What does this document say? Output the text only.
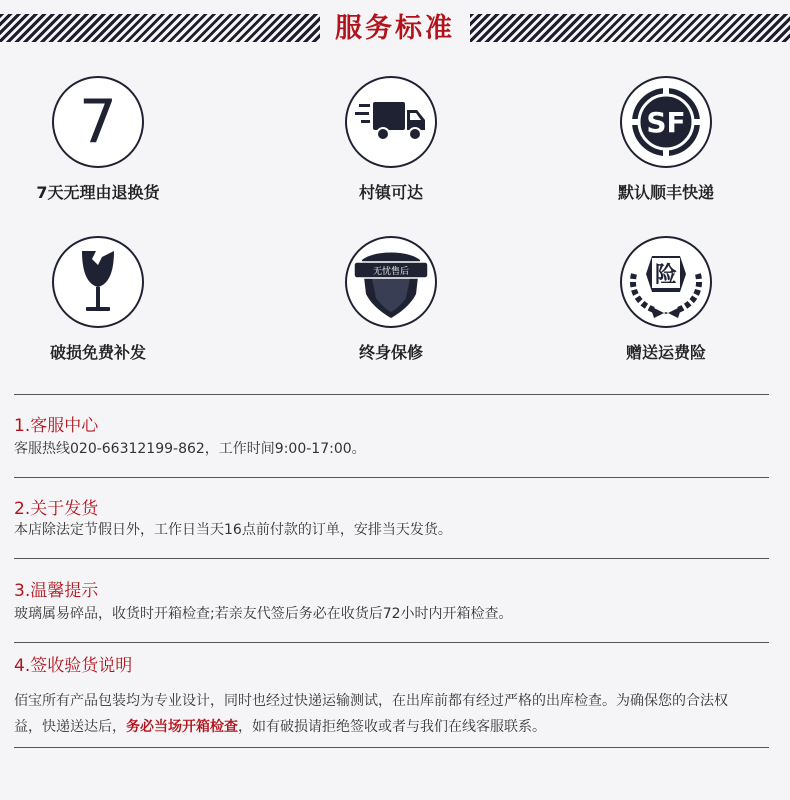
服务标准
7
7天无理由退换货	村镇可达
SF
默认顺丰快递
破损免费补发
无忧售后
终身保修
险
赠送运费险
1.客服中心
客服热线020-66312199-862，工作时间9:00-17:00。
2.关于发货
本店除法定节假日外，工作日当天16点前付款的订单，安排当天发货。
3.温馨提示
玻璃属易碎品，收货时开箱检查;若亲友代签后务必在收货后72小时内开箱检查。
4.签收验货说明
佰宝所有产品包装均为专业设计，同时也经过快递运输测试，在出库前都有经过严格的出库检查。为确保您的合法权益，快递送达后，务必当场开箱检查，如有破损请拒绝签收或者与我们在线客服联系。
